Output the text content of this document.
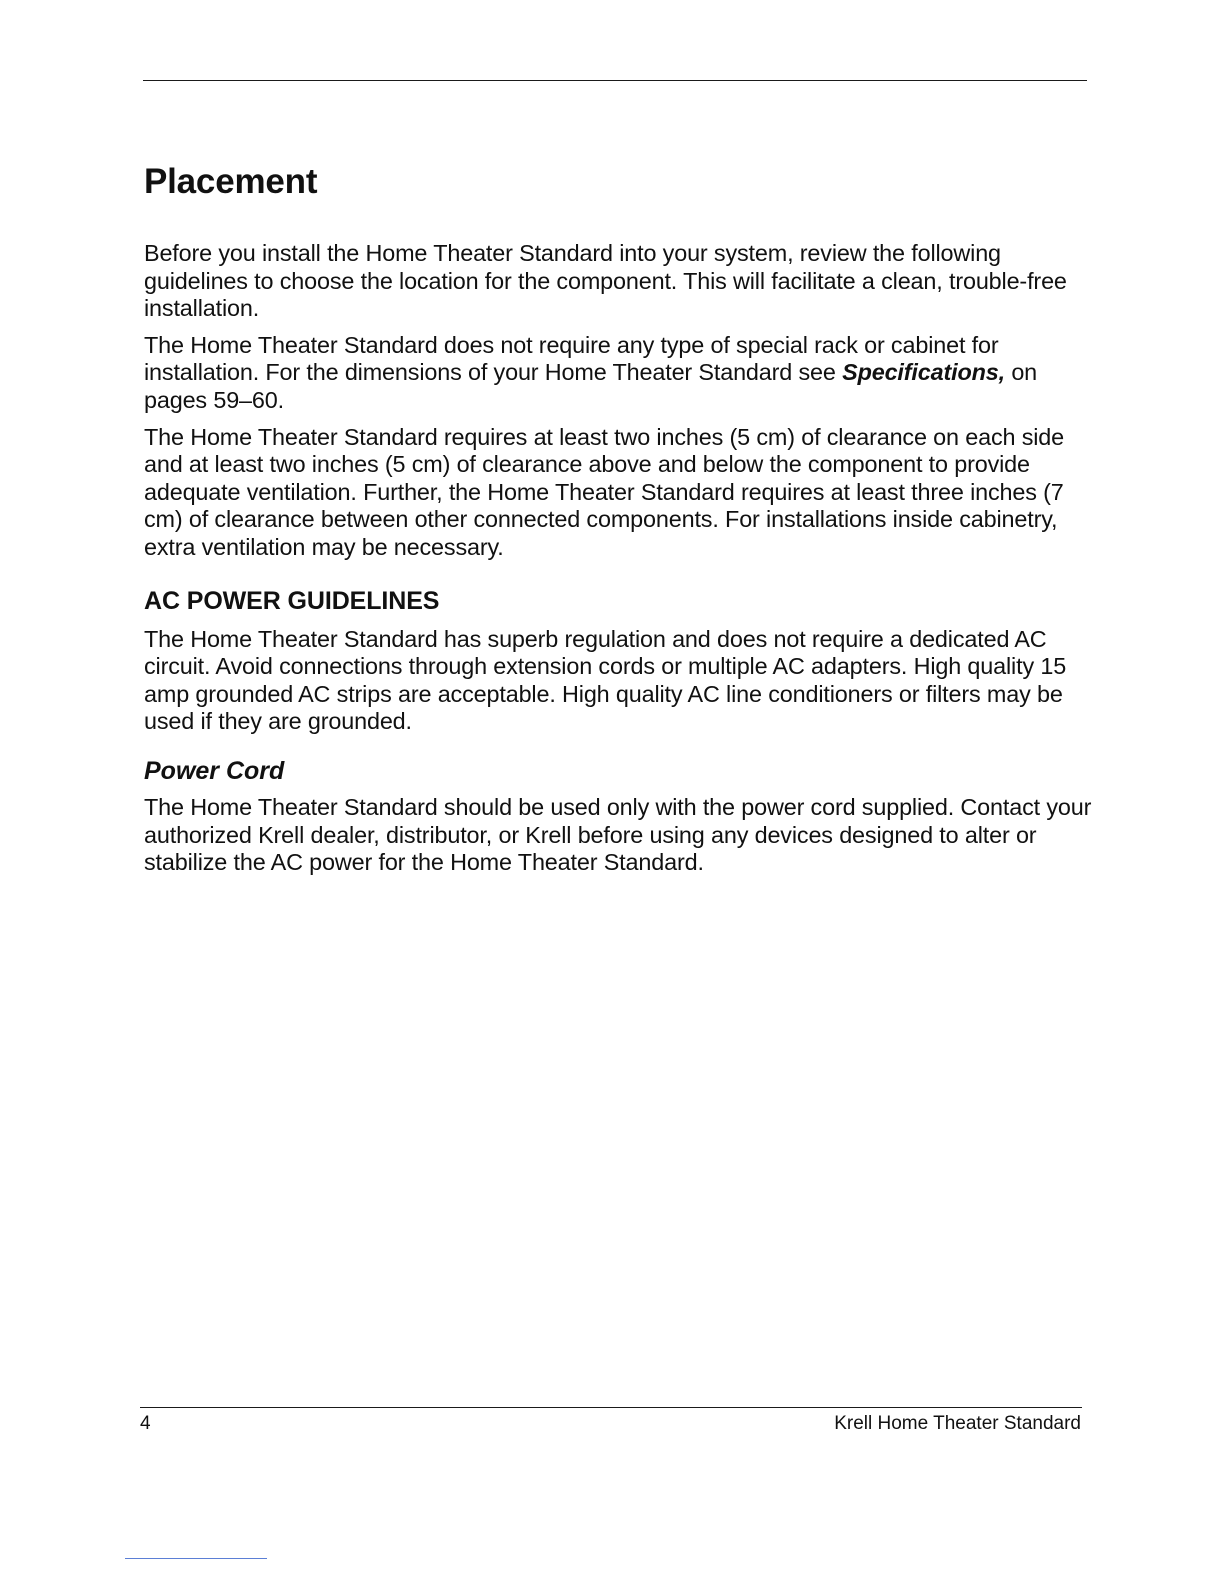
Placement

Before you install the Home Theater Standard into your system, review the following guidelines to choose the location for the component. This will facilitate a clean, trouble-free installation.

The Home Theater Standard does not require any type of special rack or cabinet for installation. For the dimensions of your Home Theater Standard see Specifications, on pages 59–60.

The Home Theater Standard requires at least two inches (5 cm) of clearance on each side and at least two inches (5 cm) of clearance above and below the component to provide adequate ventilation. Further, the Home Theater Standard requires at least three inches (7 cm) of clearance between other connected components. For installations inside cabinetry, extra ventilation may be necessary.

AC POWER GUIDELINES

The Home Theater Standard has superb regulation and does not require a dedicated AC circuit. Avoid connections through extension cords or multiple AC adapters. High quality 15 amp grounded AC strips are acceptable. High quality AC line conditioners or filters may be used if they are grounded.

Power Cord

The Home Theater Standard should be used only with the power cord supplied. Contact your authorized Krell dealer, distributor, or Krell before using any devices designed to alter or stabilize the AC power for the Home Theater Standard.

4	Krell Home Theater Standard
